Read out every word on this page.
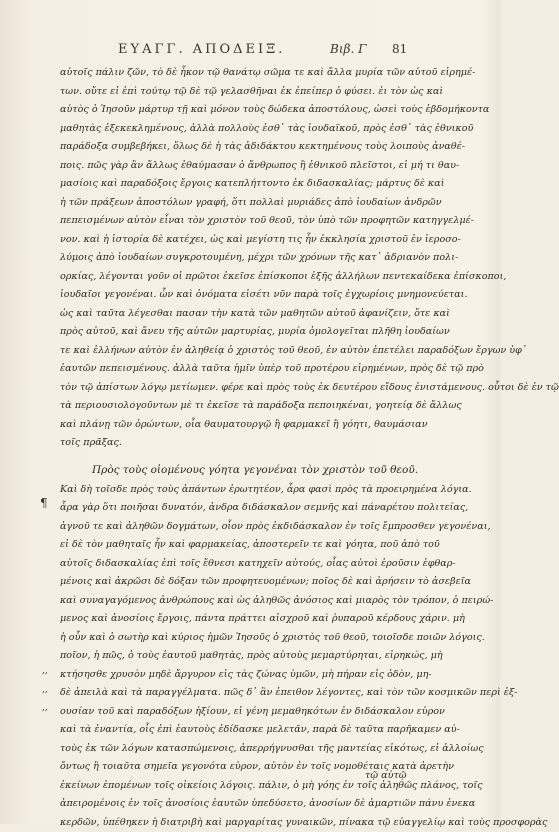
ΕΥΑΓΓ. ΑΠΟΔΕΙΞ.	Βιβ. Γ 81
αὐτοῖς πάλιν ζῶν, τὸ δὲ ἧκον τῷ θανάτῳ σῶμα τε καὶ ἄλλα μυρία τῶν αὐτοῦ εἰρημέ-
των. οὔτε εἰ ἐπὶ τούτῳ τῷ δὲ τῷ γελασθῆναι ἐκ ἐπείπερ ὁ φύσει. ἐι τὸν ὡς καὶ
αὐτὸς ὁ Ἰησοῦν μάρτυρ τῇ καὶ μόνον τοὺς δώδεκα ἀποστόλους, ὡσεὶ τοὺς ἑβδομήκοντα
μαθητὰς ἐξεκεκλημένους, ἀλλὰ πολλοὺς ἐσθ᾽ τὰς ἰουδαϊκοῦ, πρὸς ἐσθ᾽ τὰς ἐθνικοῦ
παράδοξα συμβεβήκει, ὅλως δὲ ἡ τὰς ἀδιδάκτου κεκτημένους τοὺς λοιποὺς ἀναθέ-
ποις. πῶς γὰρ ἂν ἄλλως ἐθαύμασαν ὁ ἄνθρωπος ἢ ἐθνικοῦ πλεῖστοι, εἰ μή τι θαυ-
μασίοις καὶ παραδόξοις ἔργοις κατεπλήττοντο ἐκ διδασκαλίας; μάρτυς δὲ καὶ
ἡ τῶν πράξεων ἀποστόλων γραφή, ὅτι πολλαὶ μυριάδες ἀπὸ ἰουδαίων ἀνδρῶν
πεπεισμένων αὐτὸν εἶναι τὸν χριστὸν τοῦ θεοῦ, τὸν ὑπὸ τῶν προφητῶν κατηγγελμέ-
νον. καὶ ἡ ἱστορία δὲ κατέχει, ὡς καὶ μεγίστη τις ἦν ἐκκλησία χριστοῦ ἐν ἱεροσο-
λύμοις ἀπὸ ἰουδαίων συγκροτουμένη, μέχρι τῶν χρόνων τῆς κατ᾽ ἀδριανὸν πολι-
ορκίας, λέγονται γοῦν οἱ πρῶτοι ἐκεῖσε ἐπίσκοποι ἑξῆς ἀλλήλων πεντεκαίδεκα ἐπίσκοποι,
ἰουδαῖοι γεγονέναι. ὧν καὶ ὀνόματα εἰσέτι νῦν παρὰ τοῖς ἐγχωρίοις μνημονεύεται.
ὡς καὶ ταῦτα λέγεσθαι πασαν τὴν κατὰ τῶν μαθητῶν αὐτοῦ ἀφανίζειν, ὅτε καὶ
πρὸς αὐτοῦ, καὶ ἄνευ τῆς αὐτῶν μαρτυρίας, μυρία ὁμολογεῖται πλῆθη ἰουδαίων
τε καὶ ἑλλήνων αὐτὸν ἐν ἀληθείᾳ ὁ χριστὸς τοῦ θεοῦ, ἐν αὐτὸν ἐπετέλει παραδόξων ἔργων ὑφ᾽
ἑαυτῶν πεπεισμένους. ἀλλὰ ταῦτα ἡμῖν ὑπὲρ τοῦ προτέρου εἰρημένων, πρὸς δὲ τῷ πρὸ
τὸν τῷ ἀπίστων λόγῳ μετίωμεν. φέρε καὶ πρὸς τοὺς ἐκ δευτέρου εἴδους ἐνιστάμενους. οὗτοι δὲ ἐν τῷ
τὰ περιουσιολογοῦντων μὲ τι ἐκεῖσε τὰ παράδοξα πεποιηκέναι, γοητείᾳ δὲ ἄλλως
καὶ πλάνῃ τῶν ὁρώντων, οἷα θαυματουργῷ ἢ φαρμακεῖ ἢ γόητι, θαυμάσιαν
τοῖς πρᾶξας.
Πρὸς τοὺς οἰομένους γόητα γεγονέναι τὸν χριστὸν τοῦ θεοῦ.
Καὶ δὴ τοῖσδε πρὸς τοὺς ἀπάντων ἐρωτητέον, ἆρα φασὶ πρὸς τὰ προειρημένα λόγια.
ἆρα γὰρ ὅτι ποιῆσαι δυνατόν, ἀνδρα διδάσκαλον σεμνῆς καὶ πάναρέτου πολιτείας,
ἀγνοῦ τε καὶ ἀληθῶν δογμάτων, οἷον πρὸς ἐκδιδάσκαλον ἐν τοῖς ἔμπροσθεν γεγονέναι,
εἰ δὲ τὸν μαθηταῖς ἦν καὶ φαρμακείας, ἀποστερεῖν τε καὶ γόητα, ποῦ ἀπὸ τοῦ
αὐτοῖς διδασκαλίας ἐπὶ τοῖς ἔθνεσι κατηχεῖν αὐτούς, οἷας αὐτοὶ ἐροῦσιν ἐφθαρ-
μένοις καὶ ἀκρῶσι δὲ δόξαν τῶν προφητευομένων; ποῖος δὲ καὶ ἀρήσειν τὸ ἀσεβεῖα
καὶ συναγαγόμενος ἀνθρώπους καὶ ὡς ἀληθῶς ἀνόσιος καὶ μιαρὸς τὸν τρόπον, ὁ πειρώ-
μενος καὶ ἀνοσίοις ἔργοις, πάντα πράττει αἰσχροῦ καὶ ῥυπαροῦ κέρδους χάριν. μὴ
ἡ οὖν καὶ ὁ σωτὴρ καὶ κύριος ἡμῶν Ἰησοῦς ὁ χριστὸς τοῦ θεοῦ, τοιοῖσδε ποιῶν λόγοις.
ποῖον, ἡ πῶς, ὁ τοὺς ἑαυτοῦ μαθητὰς, πρὸς αὐτοὺς μεμαρτύρηται, εἰρηκώς, μὴ
κτήσησθε χρυσὸν μηδὲ ἄργυρον εἰς τὰς ζώνας ὑμῶν, μὴ πήραν εἰς ὁδὸν, μη-
δὲ ἀπειλὰ καὶ τὰ παραγγέλματα. πῶς δ᾽ ἂν ἐπειθον λέγοντες, καὶ τὸν τῶν κοσμικῶν περὶ ἐξ-
ουσίαν τοῦ καὶ παραδόξων ἠξίουν, εἰ γένη μεμαθηκότων ἐν διδάσκαλον εὑρον
καὶ τὰ ἐναντία, οἷς ἐπὶ ἑαυτοὺς ἐδίδασκε μελετᾶν, παρὰ δὲ ταῦτα παρῆκαμεν αὐ-
τοὺς ἐκ τῶν λόγων κατασπώμενοις, ἀπερρήγνυσθαι τῆς μαντείας εἰκότως, εἰ ἀλλοίως
ὄντως ἢ τοιαῦτα σημεῖα γεγονότα εὑρον, αὐτὸν ἐν τοῖς νομοθέταις κατὰ ἀρετὴν
ἐκείνων ἐπομένων τοῖς οἰκείοις λόγοις. πάλιν, ὁ μὴ γόης ἐν τοῖς ἀληθῶς πλάνος, τοῖς
ἀπειρομένοις ἐν τοῖς ἀνοσίοις ἑαυτῶν ὑπεδύσετο, ἀνοσίων δὲ ἁμαρτιῶν πάνυ ἐνεκα
κερδῶν, ὑπέθηκεν ἡ διατριβὴ καὶ μαργαρίτας γυναικῶν, πίνακα τῷ εὐαγγελίῳ καὶ τοὺς προσφορὰς
¶
,,
,,
,,
τῷ αὐτῷ
